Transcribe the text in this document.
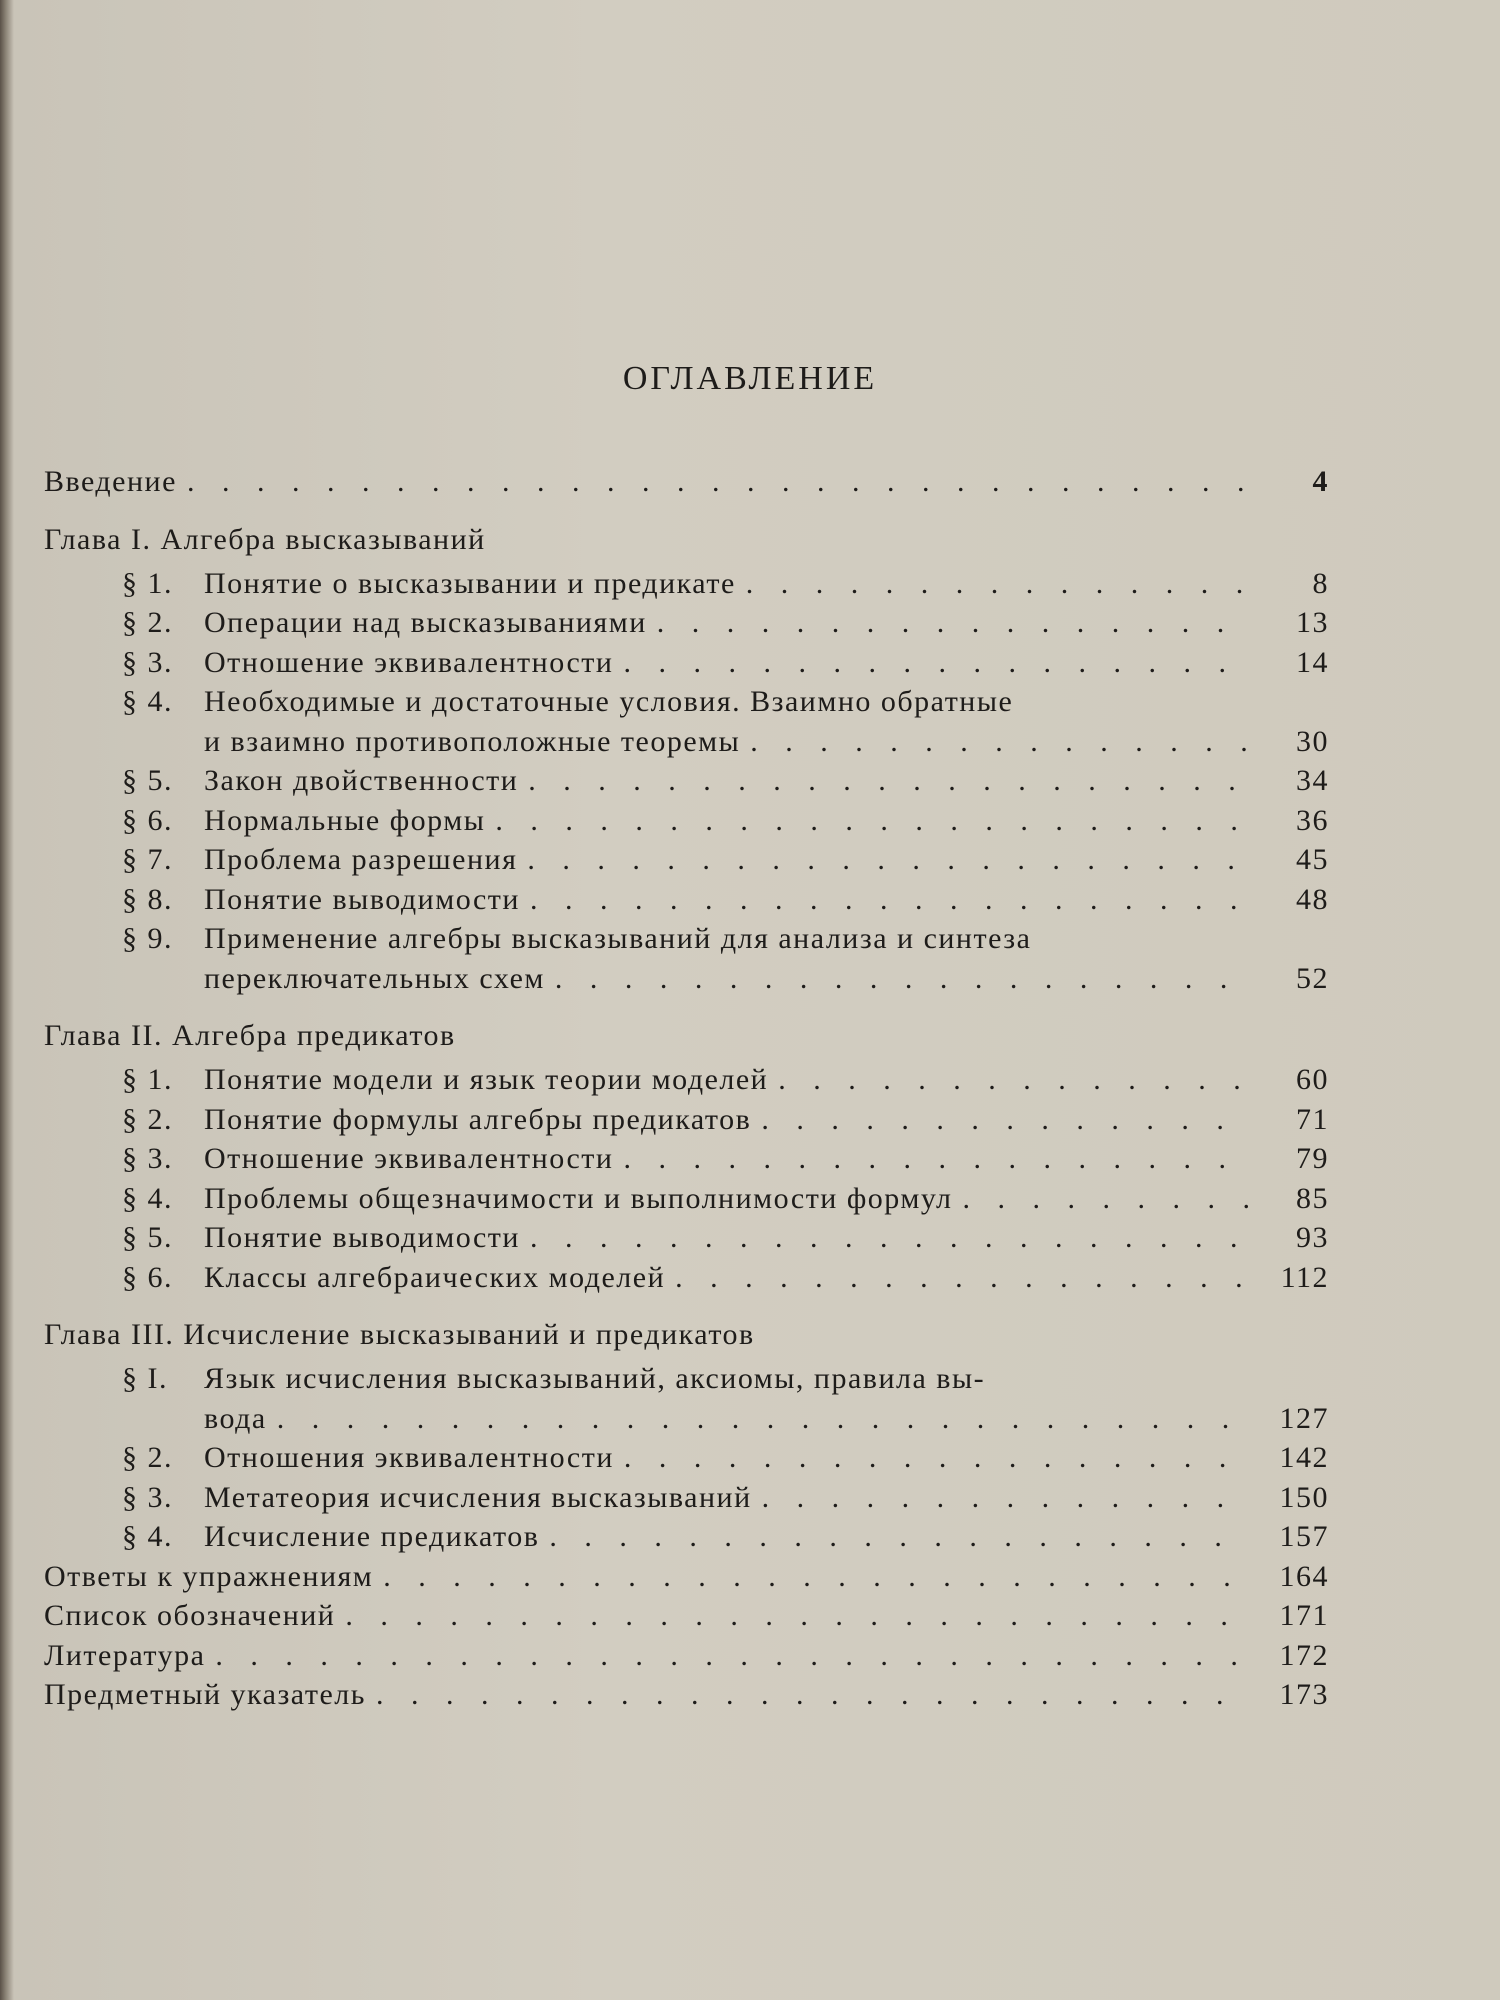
ОГЛАВЛЕНИЕ
Введение . . .	4
Глава I. Алгебра высказываний
§ 1.	Понятие о высказывании и предикате . . .	8
§ 2.	Операции над высказываниями . . .	13
§ 3.	Отношение эквивалентности . . .	14
§ 4.	Необходимые и достаточные условия. Взаимно обратные
и взаимно противоположные теоремы . . .	30
§ 5.	Закон двойственности . . .	34
§ 6.	Нормальные формы . . .	36
§ 7.	Проблема разрешения . . .	45
§ 8.	Понятие выводимости . . .	48
§ 9.	Применение алгебры высказываний для анализа и синтеза
переключательных схем . . .	52
Глава II. Алгебра предикатов
§ 1.	Понятие модели и язык теории моделей . . .	60
§ 2.	Понятие формулы алгебры предикатов . . .	71
§ 3.	Отношение эквивалентности . . .	79
§ 4.	Проблемы общезначимости и выполнимости формул . . .	85
§ 5.	Понятие выводимости . . .	93
§ 6.	Классы алгебраических моделей . . .	112
Глава III. Исчисление высказываний и предикатов
§ I.	Язык исчисления высказываний, аксиомы, правила вы-
вода . . .	127
§ 2.	Отношения эквивалентности . . .	142
§ 3.	Метатеория исчисления высказываний . . .	150
§ 4.	Исчисление предикатов . . .	157
Ответы к упражнениям . . .	164
Список обозначений . . .	171
Литература . . .	172
Предметный указатель . . .	173
